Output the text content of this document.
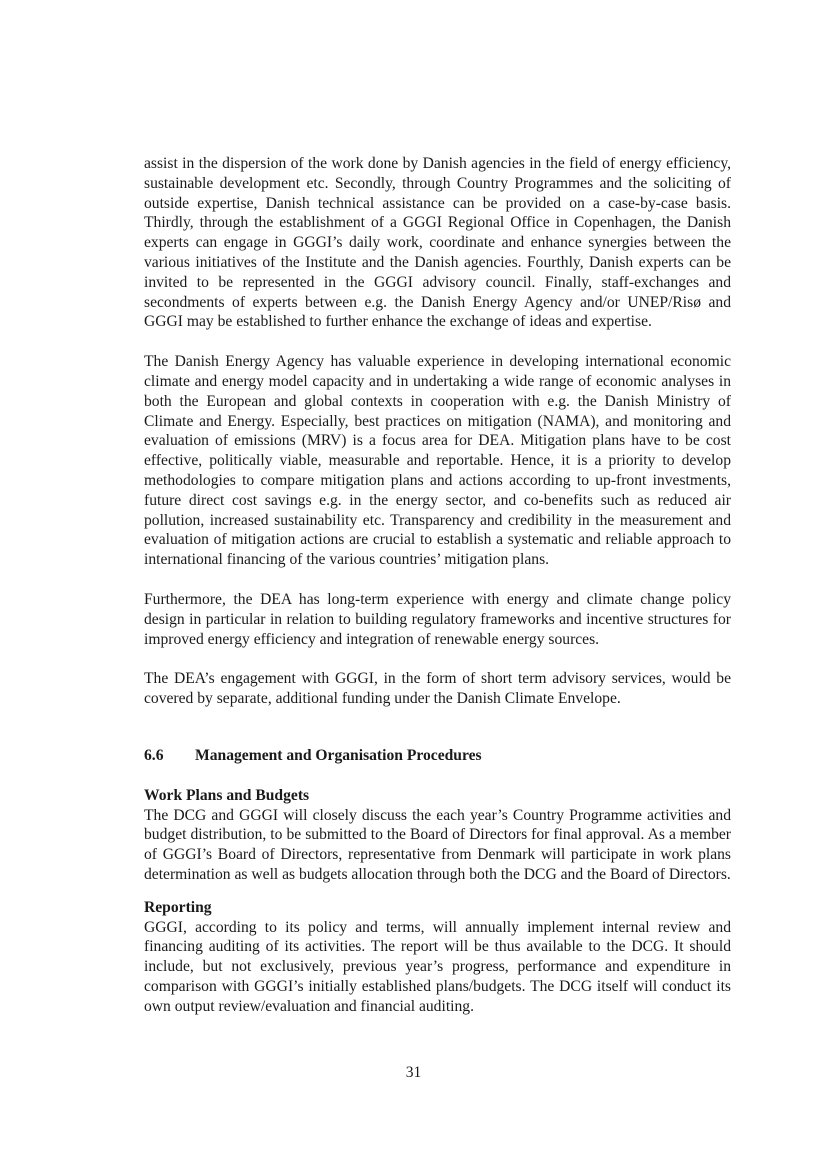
assist in the dispersion of the work done by Danish agencies in the field of energy efficiency, sustainable development etc. Secondly, through Country Programmes and the soliciting of outside expertise, Danish technical assistance can be provided on a case-by-case basis. Thirdly, through the establishment of a GGGI Regional Office in Copenhagen, the Danish experts can engage in GGGI’s daily work, coordinate and enhance synergies between the various initiatives of the Institute and the Danish agencies. Fourthly, Danish experts can be invited to be represented in the GGGI advisory council. Finally, staff-exchanges and secondments of experts between e.g. the Danish Energy Agency and/or UNEP/Risø and GGGI may be established to further enhance the exchange of ideas and expertise.

The Danish Energy Agency has valuable experience in developing international economic climate and energy model capacity and in undertaking a wide range of economic analyses in both the European and global contexts in cooperation with e.g. the Danish Ministry of Climate and Energy. Especially, best practices on mitigation (NAMA), and monitoring and evaluation of emissions (MRV) is a focus area for DEA. Mitigation plans have to be cost effective, politically viable, measurable and reportable. Hence, it is a priority to develop methodologies to compare mitigation plans and actions according to up-front investments, future direct cost savings e.g. in the energy sector, and co-benefits such as reduced air pollution, increased sustainability etc. Transparency and credibility in the measurement and evaluation of mitigation actions are crucial to establish a systematic and reliable approach to international financing of the various countries’ mitigation plans.

Furthermore, the DEA has long-term experience with energy and climate change policy design in particular in relation to building regulatory frameworks and incentive structures for improved energy efficiency and integration of renewable energy sources.

The DEA’s engagement with GGGI, in the form of short term advisory services, would be covered by separate, additional funding under the Danish Climate Envelope.

6.6	Management and Organisation Procedures

Work Plans and Budgets

The DCG and GGGI will closely discuss the each year’s Country Programme activities and budget distribution, to be submitted to the Board of Directors for final approval. As a member of GGGI’s Board of Directors, representative from Denmark will participate in work plans determination as well as budgets allocation through both the DCG and the Board of Directors.

Reporting

GGGI, according to its policy and terms, will annually implement internal review and financing auditing of its activities. The report will be thus available to the DCG. It should include, but not exclusively, previous year’s progress, performance and expenditure in comparison with GGGI’s initially established plans/budgets. The DCG itself will conduct its own output review/evaluation and financial auditing.

31
